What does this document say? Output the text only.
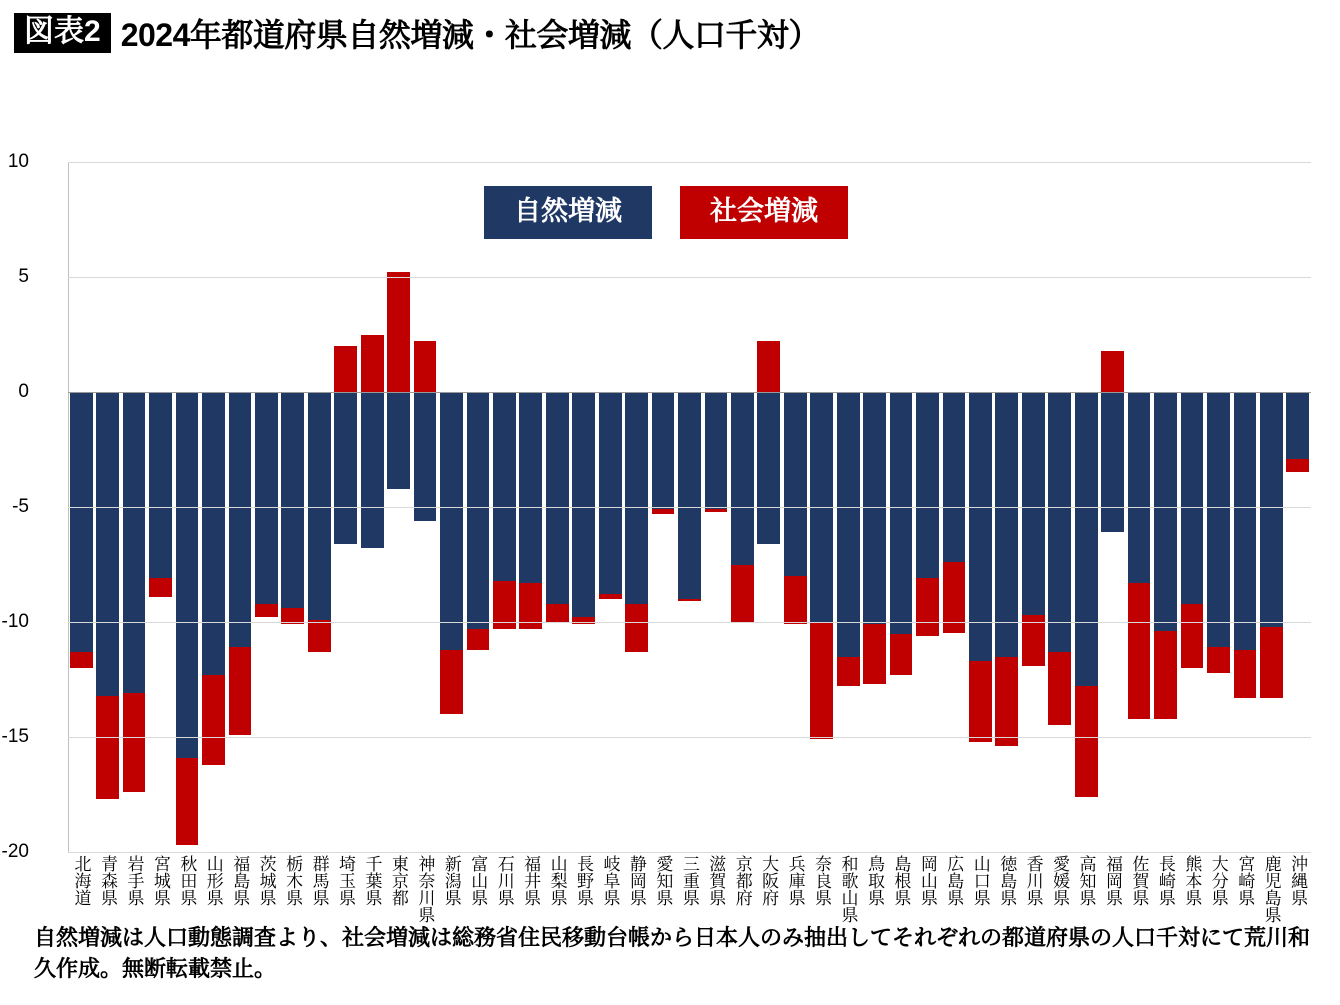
図表2 2024年都道府県自然増減・社会増減（人口千対）
10
5
0
-5
-10
-15
-20
自然増減	社会増減
北海道 青森県 岩手県 宮城県 秋田県 山形県 福島県 茨城県 栃木県 群馬県 埼玉県 千葉県 東京都 神奈川県 新潟県 富山県 石川県 福井県 山梨県 長野県 岐阜県 静岡県 愛知県 三重県 滋賀県 京都府 大阪府 兵庫県 奈良県 和歌山県 鳥取県 島根県 岡山県 広島県 山口県 徳島県 香川県 愛媛県 高知県 福岡県 佐賀県 長崎県 熊本県 大分県 宮崎県 鹿児島県 沖縄県
自然増減は人口動態調査より、社会増減は総務省住民移動台帳から日本人のみ抽出してそれぞれの都道府県の人口千対にて荒川和久作成。無断転載禁止。
